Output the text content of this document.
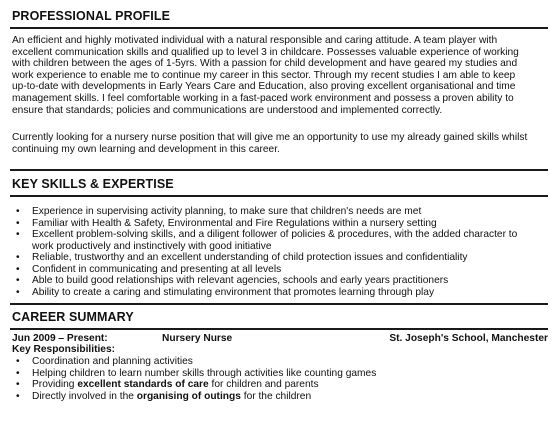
PROFESSIONAL PROFILE
An efficient and highly motivated individual with a natural responsible and caring attitude. A team player with
excellent communication skills and qualified up to level 3 in childcare. Possesses valuable experience of working
with children between the ages of 1-5yrs. With a passion for child development and have geared my studies and
work experience to enable me to continue my career in this sector. Through my recent studies I am able to keep
up-to-date with developments in Early Years Care and Education, also proving excellent organisational and time
management skills. I feel comfortable working in a fast-paced work environment and possess a proven ability to
ensure that standards; policies and communications are understood and implemented correctly.
Currently looking for a nursery nurse position that will give me an opportunity to use my already gained skills whilst
continuing my own learning and development in this career.
KEY SKILLS & EXPERTISE
• Experience in supervising activity planning, to make sure that children's needs are met
• Familiar with Health & Safety, Environmental and Fire Regulations within a nursery setting
• Excellent problem-solving skills, and a diligent follower of policies & procedures, with the added character to
work productively and instinctively with good initiative
• Reliable, trustworthy and an excellent understanding of child protection issues and confidentiality
• Confident in communicating and presenting at all levels
• Able to build good relationships with relevant agencies, schools and early years practitioners
• Ability to create a caring and stimulating environment that promotes learning through play
CAREER SUMMARY
Jun 2009 – Present:	Nursery Nurse	St. Joseph's School, Manchester
Key Responsibilities:
• Coordination and planning activities
• Helping children to learn number skills through activities like counting games
• Providing excellent standards of care for children and parents
• Directly involved in the organising of outings for the children
